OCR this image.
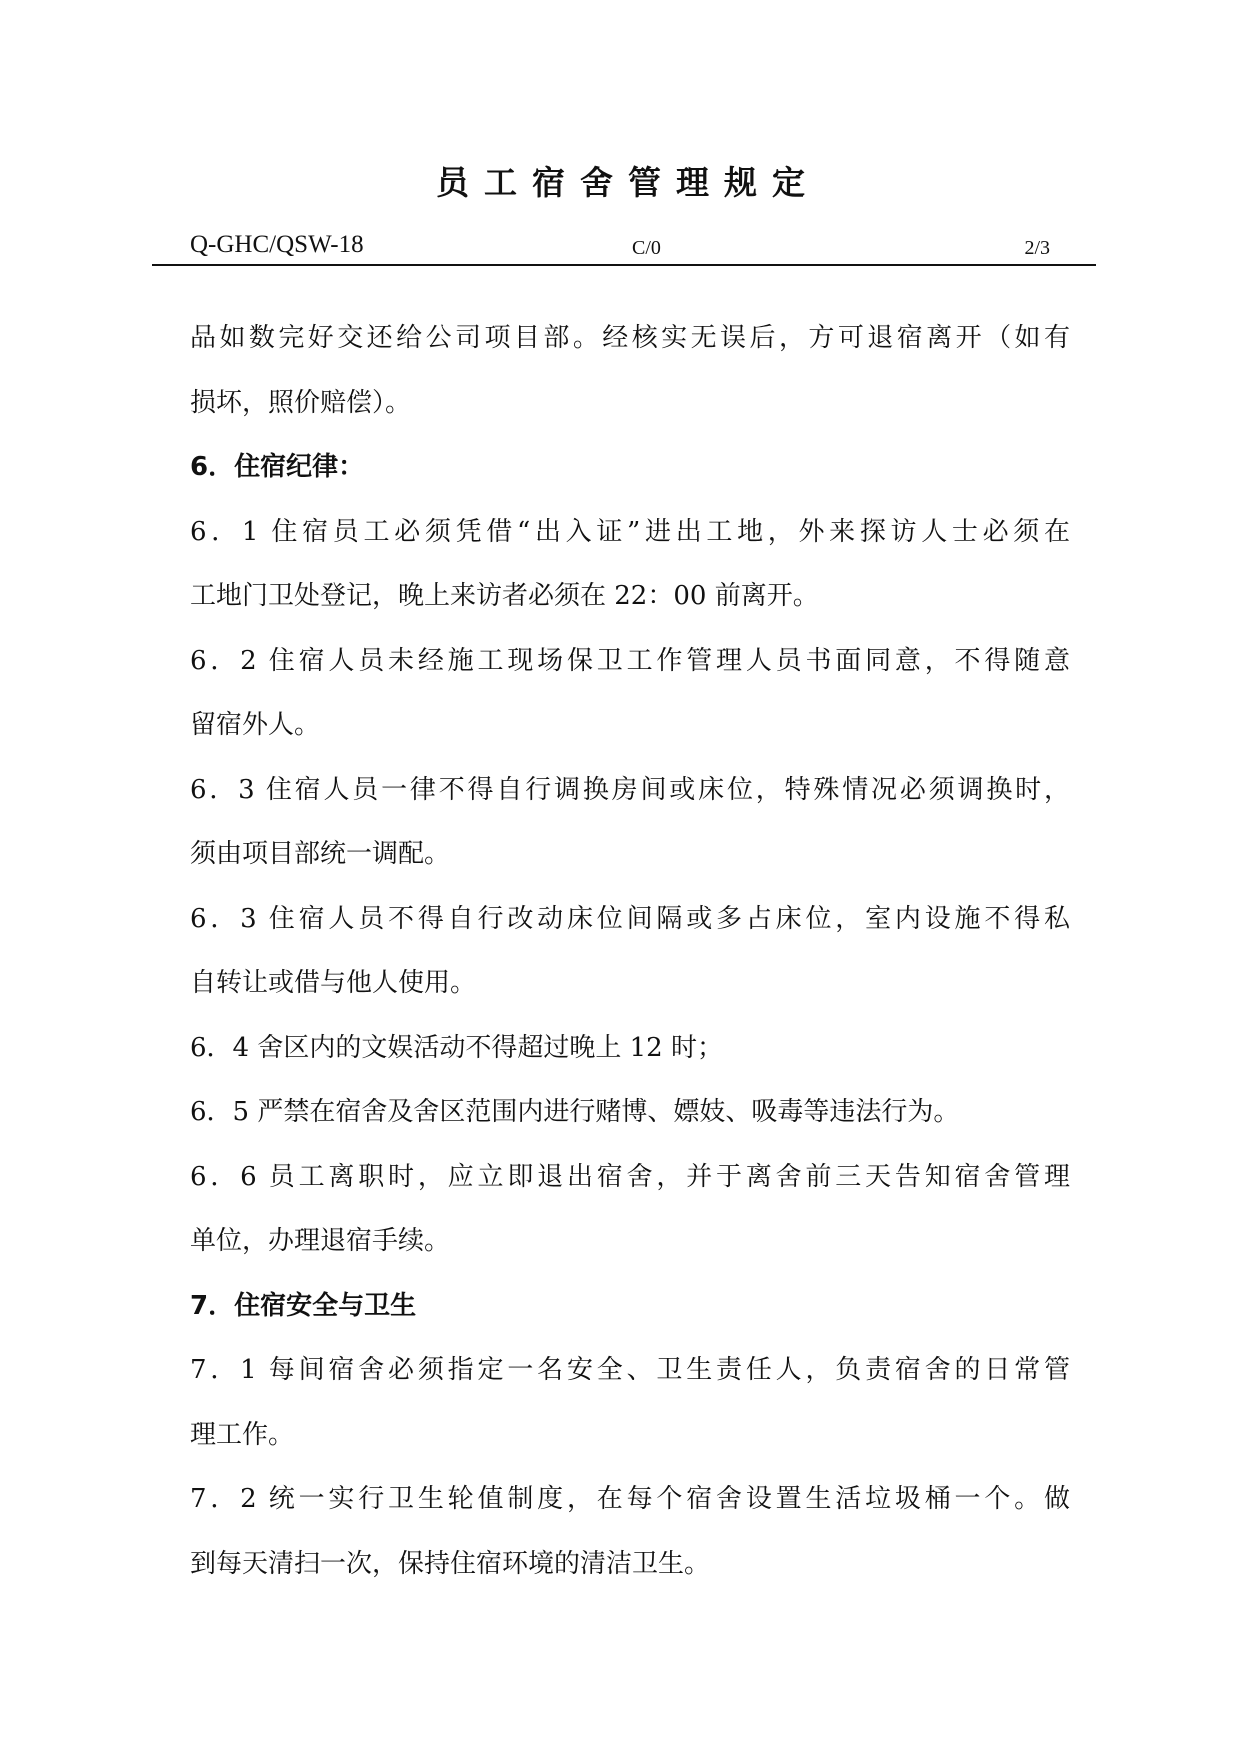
员工宿舍管理规定
Q-GHC/QSW-18	C/0	2/3
品如数完好交还给公司项目部。经核实无误后，方可退宿离开（如有
损坏，照价赔偿）。
6．住宿纪律：
6．1 住宿员工必须凭借“出入证”进出工地，外来探访人士必须在
工地门卫处登记，晚上来访者必须在 22：00 前离开。
6．2 住宿人员未经施工现场保卫工作管理人员书面同意，不得随意
留宿外人。
6．3 住宿人员一律不得自行调换房间或床位，特殊情况必须调换时，
须由项目部统一调配。
6．3 住宿人员不得自行改动床位间隔或多占床位，室内设施不得私
自转让或借与他人使用。
6．4 舍区内的文娱活动不得超过晚上 12 时；
6．5 严禁在宿舍及舍区范围内进行赌博、嫖妓、吸毒等违法行为。
6．6 员工离职时，应立即退出宿舍，并于离舍前三天告知宿舍管理
单位，办理退宿手续。
7．住宿安全与卫生
7．1 每间宿舍必须指定一名安全、卫生责任人，负责宿舍的日常管
理工作。
7．2 统一实行卫生轮值制度，在每个宿舍设置生活垃圾桶一个。做
到每天清扫一次，保持住宿环境的清洁卫生。
